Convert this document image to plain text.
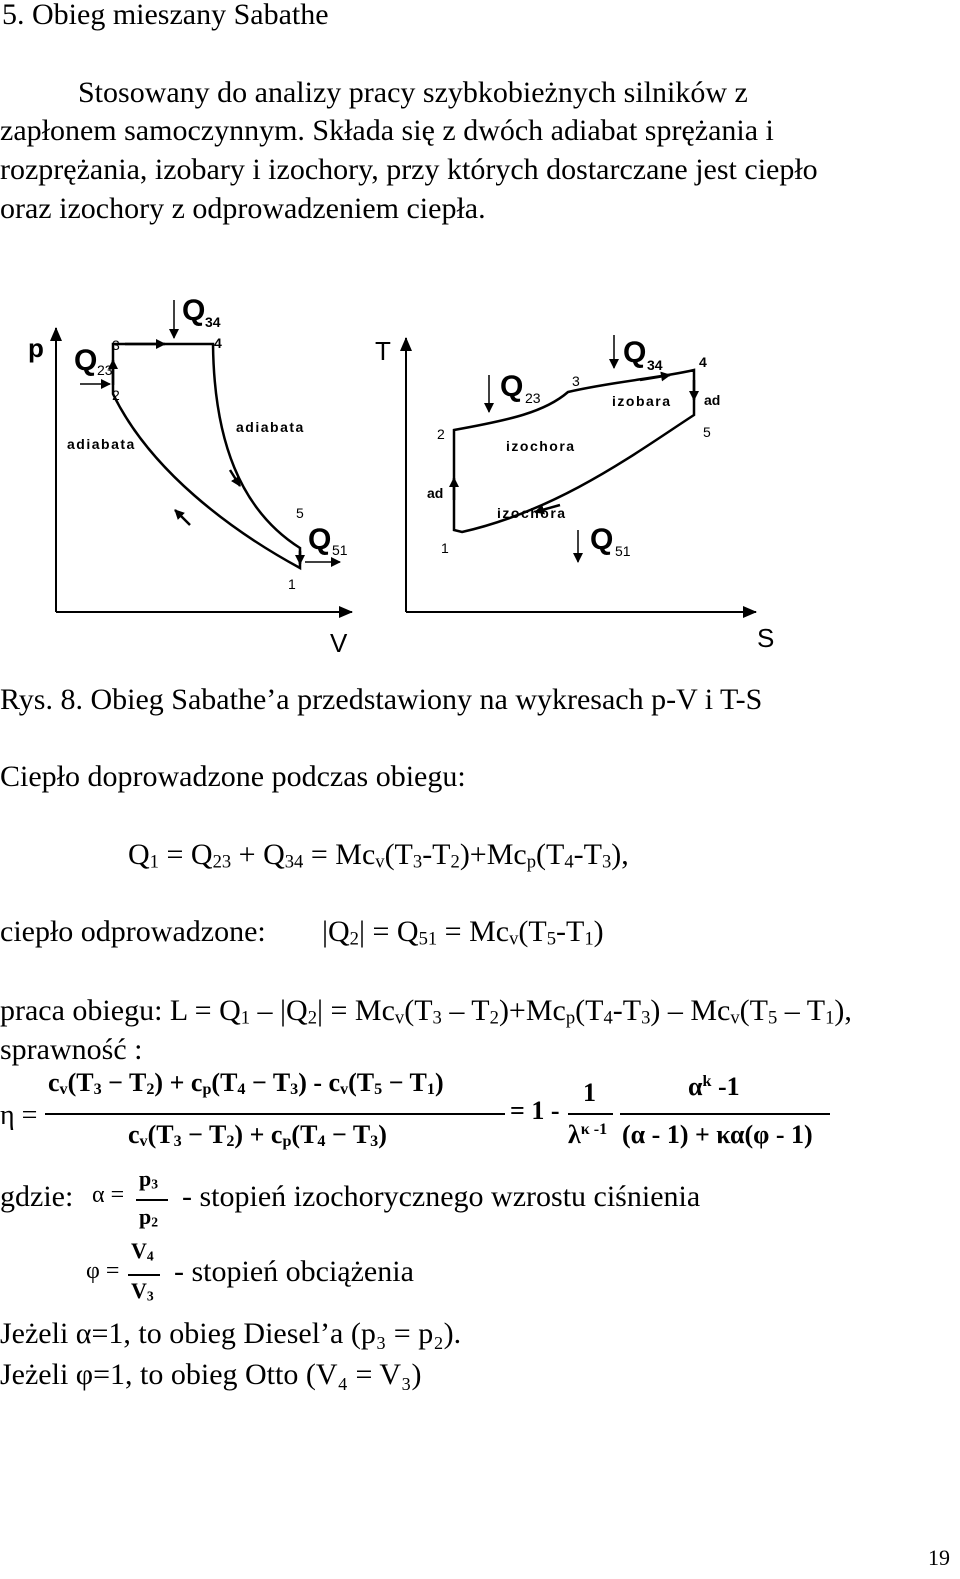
5. Obieg mieszany Sabathe
Stosowany do analizy pracy szybkobieżnych silników z
zapłonem samoczynnym. Składa się z dwóch adiabat sprężania i
rozprężania, izobary i izochory, przy których dostarczane jest ciepło
oraz izochory z odprowadzeniem ciepła.
p
V
Q 23
Q 34
Q 51
3
2
4
5
1
adiabata
adiabata
T
S
Q 23
Q 34
Q 51
3
2
4
5
1
izobara
izochora
izochora
ad
ad
Rys. 8. Obieg Sabathe’a przedstawiony na wykresach p-V i T-S
Ciepło doprowadzone podczas obiegu:
Q1 = Q23 + Q34 = Mcv(T3-T2)+Mcp(T4-T3),
ciepło odprowadzone: |Q2| = Q51 = Mcv(T5-T1)
praca obiegu: L = Q1 – |Q2| = Mcv(T3 – T2)+Mcp(T4-T3) – Mcv(T5 – T1),
sprawność :
η =
cv(T3 − T2) + cp(T4 − T3) - cv(T5 − T1)
cv(T3 − T2) + cp(T4 − T3)
= 1 -
1
$\lambda^{\kappa -1}$
$\alpha^k$ -1
(α - 1) + κα(φ - 1)
gdzie: α =
p3
p2
- stopień izochorycznego wzrostu ciśnienia
φ =
V4
V3
- stopień obciążenia
Jeżeli α=1, to obieg Diesel’a (p₃ = p₂).
Jeżeli φ=1, to obieg Otto (V₄ = V₃)
19
